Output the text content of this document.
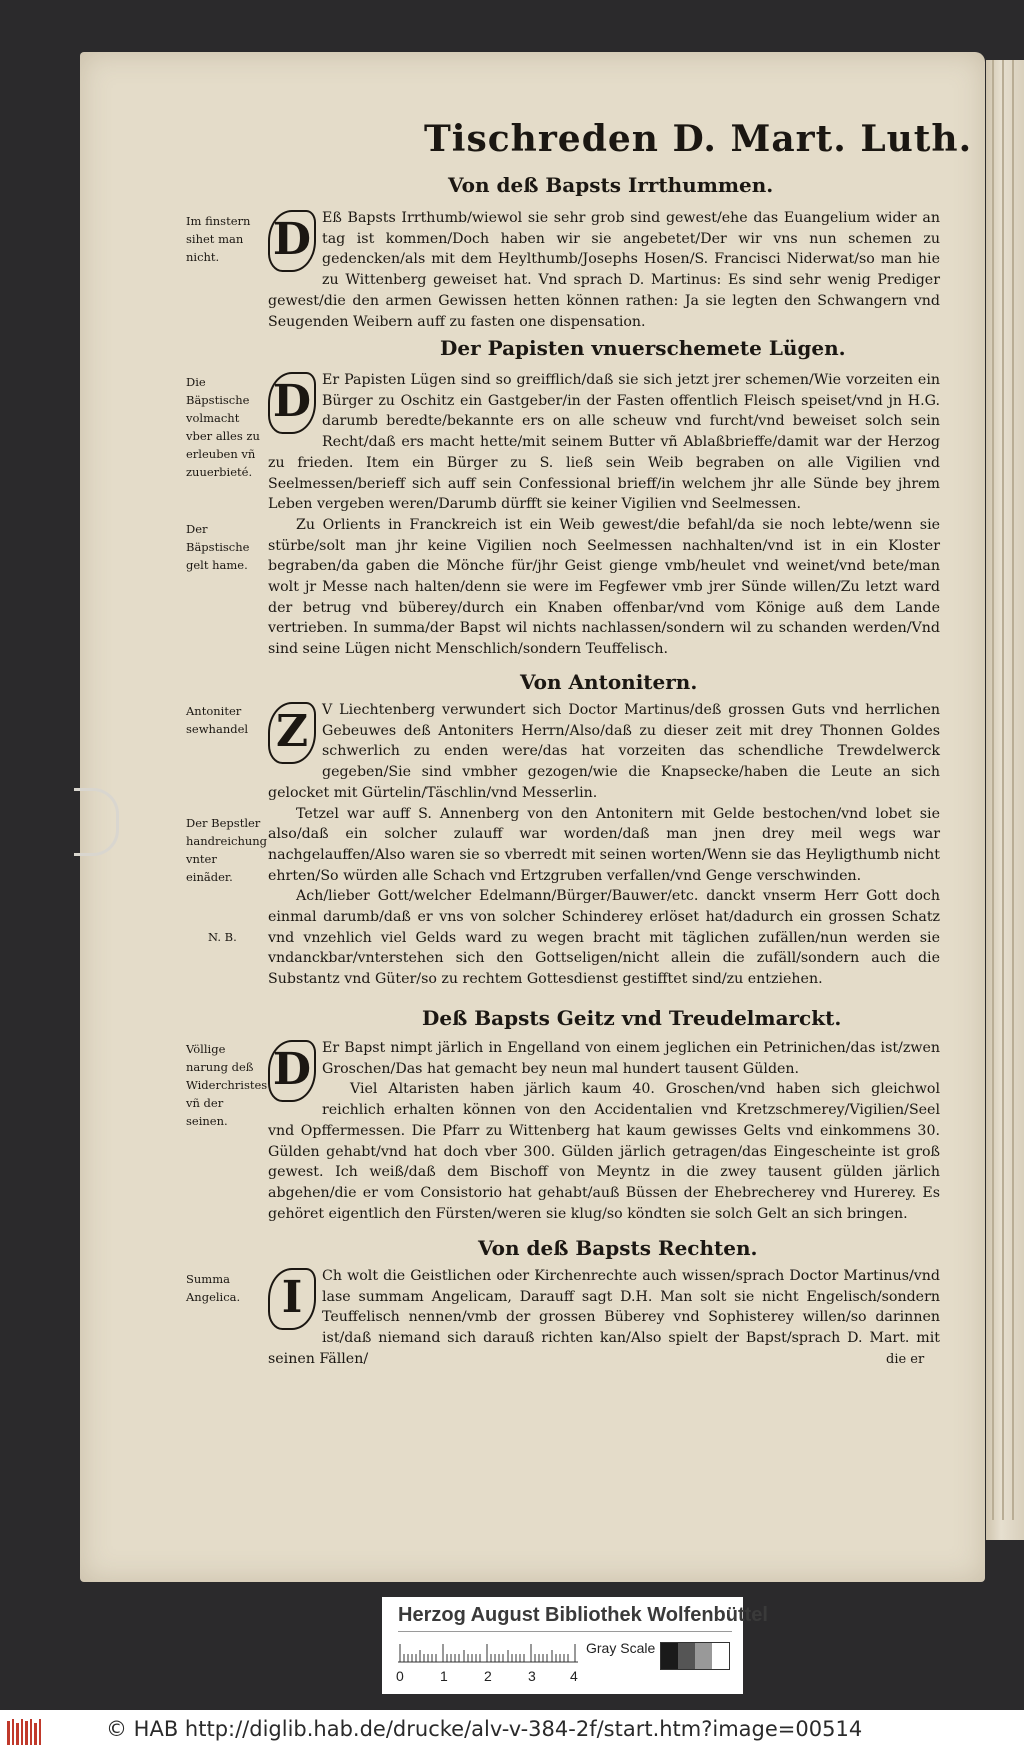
Tischreden D. Mart. Luth.
Von deß Bapsts Irrthummen.
Im finstern sihet man nicht.	D Eß Bapsts Irrthumb/wiewol sie sehr grob sind gewest/ehe das Euangelium wider an tag ist kommen/Doch haben wir sie angebetet/Der wir vns nun schemen zu gedencken/als mit dem Heylthumb/Josephs Hosen/S. Francisci Niderwat/so man hie zu Wittenberg geweiset hat. Vnd sprach D. Martinus: Es sind sehr wenig Prediger gewest/die den armen Gewissen hetten können rathen: Ja sie legten den Schwangern vnd Seugenden Weibern auff zu fasten one dispensation.

Der Papisten vnuerschemete Lügen.
Die Bäpstische volmacht vber alles zu erleuben vñ zuuerbieté.
Der Bäpstische gelt hame.
D Er Papisten Lügen sind so greifflich/daß sie sich jetzt jrer schemen/Wie vorzeiten ein Bürger zu Oschitz ein Gastgeber/in der Fasten offentlich Fleisch speiset/vnd jn H.G. darumb beredte/bekannte ers on alle scheuw vnd furcht/vnd beweiset solch sein Recht/daß ers macht hette/mit seinem Butter vñ Ablaßbrieffe/damit war der Herzog zu frieden. Item ein Bürger zu S. ließ sein Weib begraben on alle Vigilien vnd Seelmessen/berieff sich auff sein Confessional brieff/in welchem jhr alle Sünde bey jhrem Leben vergeben weren/Darumb dürfft sie keiner Vigilien vnd Seelmessen.

Zu Orlients in Franckreich ist ein Weib gewest/die befahl/da sie noch lebte/wenn sie stürbe/solt man jhr keine Vigilien noch Seelmessen nachhalten/vnd ist in ein Kloster begraben/da gaben die Mönche für/jhr Geist gienge vmb/heulet vnd weinet/vnd bete/man wolt jr Messe nach halten/denn sie were im Fegfewer vmb jrer Sünde willen/Zu letzt ward der betrug vnd büberey/durch ein Knaben offenbar/vnd vom Könige auß dem Lande vertrieben. In summa/der Bapst wil nichts nachlassen/sondern wil zu schanden werden/Vnd sind seine Lügen nicht Menschlich/sondern Teuffelisch.

Von Antonitern.
Antoniter sewhandel
Der Bepstler handreichung vnter einãder.
N. B.
Z V Liechtenberg verwundert sich Doctor Martinus/deß grossen Guts vnd herrlichen Gebeuwes deß Antoniters Herrn/Also/daß zu dieser zeit mit drey Thonnen Goldes schwerlich zu enden were/das hat vorzeiten das schendliche Trewdelwerck gegeben/Sie sind vmbher gezogen/wie die Knapsecke/haben die Leute an sich gelocket mit Gürtelin/Täschlin/vnd Messerlin.

Tetzel war auff S. Annenberg von den Antonitern mit Gelde bestochen/vnd lobet sie also/daß ein solcher zulauff war worden/daß man jnen drey meil wegs war nachgelauffen/Also waren sie so vberredt mit seinen worten/Wenn sie das Heyligthumb nicht ehrten/So würden alle Schach vnd Ertzgruben verfallen/vnd Genge verschwinden.

Ach/lieber Gott/welcher Edelmann/Bürger/Bauwer/etc. danckt vnserm Herr Gott doch einmal darumb/daß er vns von solcher Schinderey erlöset hat/dadurch ein grossen Schatz vnd vnzehlich viel Gelds ward zu wegen bracht mit täglichen zufällen/nun werden sie vndanckbar/vnterstehen sich den Gottseligen/nicht allein die zufäll/sondern auch die Substantz vnd Güter/so zu rechtem Gottesdienst gestifftet sind/zu entziehen.

Deß Bapsts Geitz vnd Treudelmarckt.
Völlige narung deß Widerchristes vñ der seinen.
D Er Bapst nimpt järlich in Engelland von einem jeglichen ein Petrinichen/das ist/zwen Groschen/Das hat gemacht bey neun mal hundert tausent Gülden.

Viel Altaristen haben järlich kaum 40. Groschen/vnd haben sich gleichwol reichlich erhalten können von den Accidentalien vnd Kretzschmerey/Vigilien/Seel vnd Opffermessen. Die Pfarr zu Wittenberg hat kaum gewisses Gelts vnd einkommens 30. Gülden gehabt/vnd hat doch vber 300. Gülden järlich getragen/das Eingescheinte ist groß gewest. Ich weiß/daß dem Bischoff von Meyntz in die zwey tausent gülden järlich abgehen/die er vom Consistorio hat gehabt/auß Büssen der Ehebrecherey vnd Hurerey. Es gehöret eigentlich den Fürsten/weren sie klug/so köndten sie solch Gelt an sich bringen.

Von deß Bapsts Rechten.
Summa Angelica. I	Ch wolt die Geistlichen oder Kirchenrechte auch wissen/sprach Doctor Martinus/vnd lase summam Angelicam, Darauff sagt D.H. Man solt sie nicht Engelisch/sondern Teuffelisch nennen/vmb der grossen Büberey vnd Sophisterey willen/so darinnen ist/daß niemand sich darauß richten kan/Also spielt der Bapst/sprach D. Mart. mit seinen Fällen/	die er
Herzog August Bibliothek Wolfenbüttel
0	1	2	3 4
Gray Scale
© HAB http://diglib.hab.de/drucke/alv-v-384-2f/start.htm?image=00514
